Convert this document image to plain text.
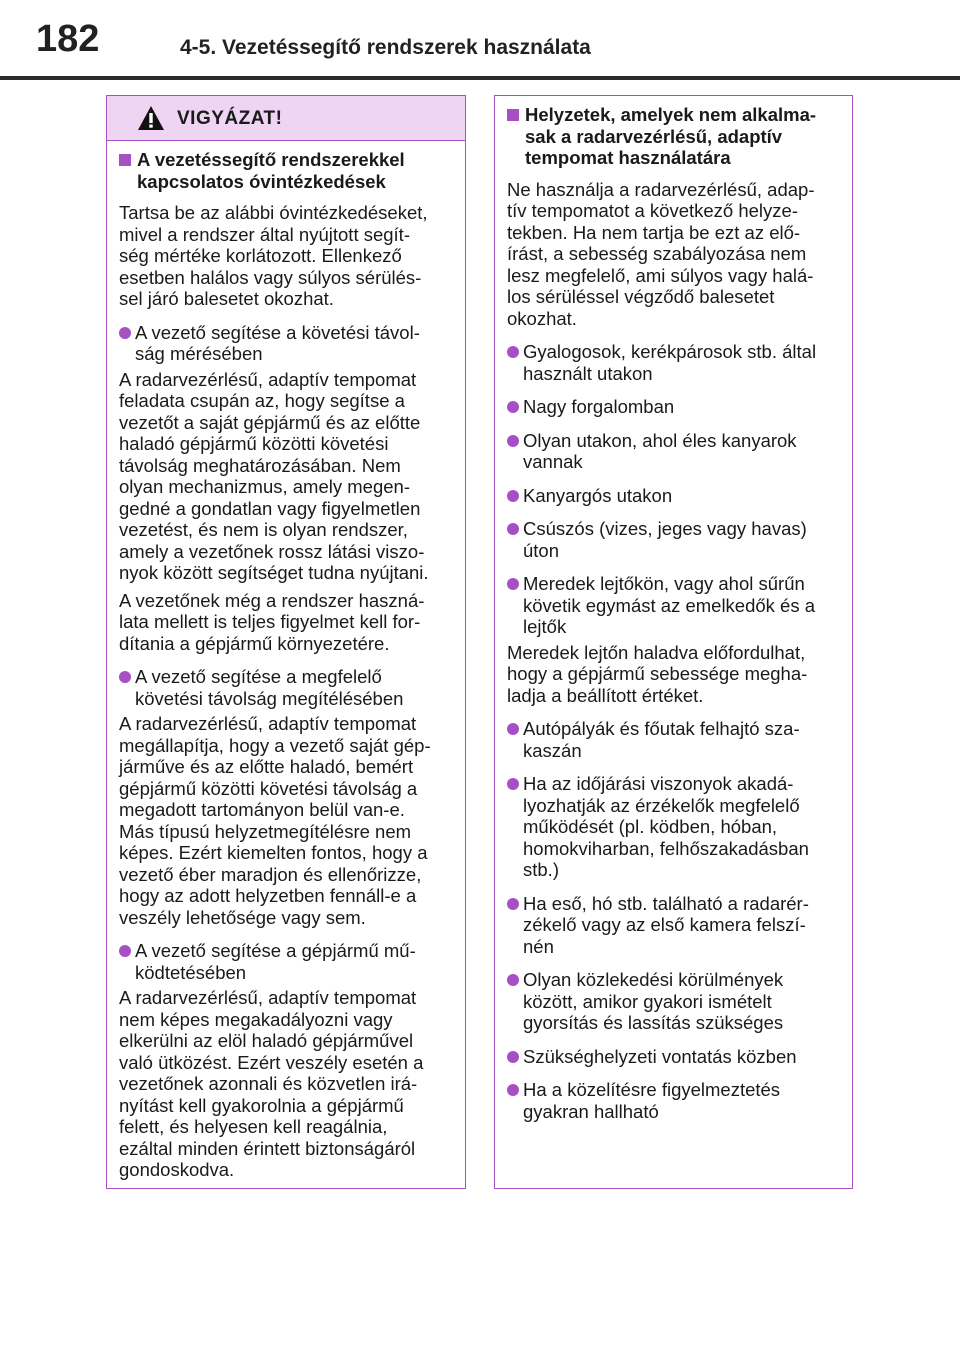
182	4-5. Vezetéssegítő rendszerek használata
VIGYÁZAT!
A vezetéssegítő rendszerekkel
kapcsolatos óvintézkedések
Tartsa be az alábbi óvintézkedéseket,
mivel a rendszer által nyújtott segít-
ség mértéke korlátozott. Ellenkező
esetben halálos vagy súlyos sérülés-
sel járó balesetet okozhat.
A vezető segítése a követési távol-
ság mérésében
A radarvezérlésű, adaptív tempomat
feladata csupán az, hogy segítse a
vezetőt a saját gépjármű és az előtte
haladó gépjármű közötti követési
távolság meghatározásában. Nem
olyan mechanizmus, amely megen-
gedné a gondatlan vagy figyelmetlen
vezetést, és nem is olyan rendszer,
amely a vezetőnek rossz látási viszo-
nyok között segítséget tudna nyújtani.
A vezetőnek még a rendszer haszná-
lata mellett is teljes figyelmet kell for-
dítania a gépjármű környezetére.
A vezető segítése a megfelelő
követési távolság megítélésében
A radarvezérlésű, adaptív tempomat
megállapítja, hogy a vezető saját gép-
járműve és az előtte haladó, bemért
gépjármű közötti követési távolság a
megadott tartományon belül van-e.
Más típusú helyzetmegítélésre nem
képes. Ezért kiemelten fontos, hogy a
vezető éber maradjon és ellenőrizze,
hogy az adott helyzetben fennáll-e a
veszély lehetősége vagy sem.
A vezető segítése a gépjármű mű-
ködtetésében
A radarvezérlésű, adaptív tempomat
nem képes megakadályozni vagy
elkerülni az elöl haladó gépjárművel
való ütközést. Ezért veszély esetén a
vezetőnek azonnali és közvetlen irá-
nyítást kell gyakorolnia a gépjármű
felett, és helyesen kell reagálnia,
ezáltal minden érintett biztonságáról
gondoskodva.
Helyzetek, amelyek nem alkalma-
sak a radarvezérlésű, adaptív
tempomat használatára
Ne használja a radarvezérlésű, adap-
tív tempomatot a következő helyze-
tekben. Ha nem tartja be ezt az elő-
írást, a sebesség szabályozása nem
lesz megfelelő, ami súlyos vagy halá-
los sérüléssel végződő balesetet
okozhat.
Gyalogosok, kerékpárosok stb. által
használt utakon
Nagy forgalomban
Olyan utakon, ahol éles kanyarok
vannak
Kanyargós utakon
Csúszós (vizes, jeges vagy havas)
úton
Meredek lejtőkön, vagy ahol sűrűn
követik egymást az emelkedők és a
lejtők
Meredek lejtőn haladva előfordulhat,
hogy a gépjármű sebessége megha-
ladja a beállított értéket.
Autópályák és főutak felhajtó sza-
kaszán
Ha az időjárási viszonyok akadá-
lyozhatják az érzékelők megfelelő
működését (pl. ködben, hóban,
homokviharban, felhőszakadásban
stb.)
Ha eső, hó stb. található a radarér-
zékelő vagy az első kamera felszí-
nén
Olyan közlekedési körülmények
között, amikor gyakori ismételt
gyorsítás és lassítás szükséges
Szükséghelyzeti vontatás közben
Ha a közelítésre figyelmeztetés
gyakran hallható
